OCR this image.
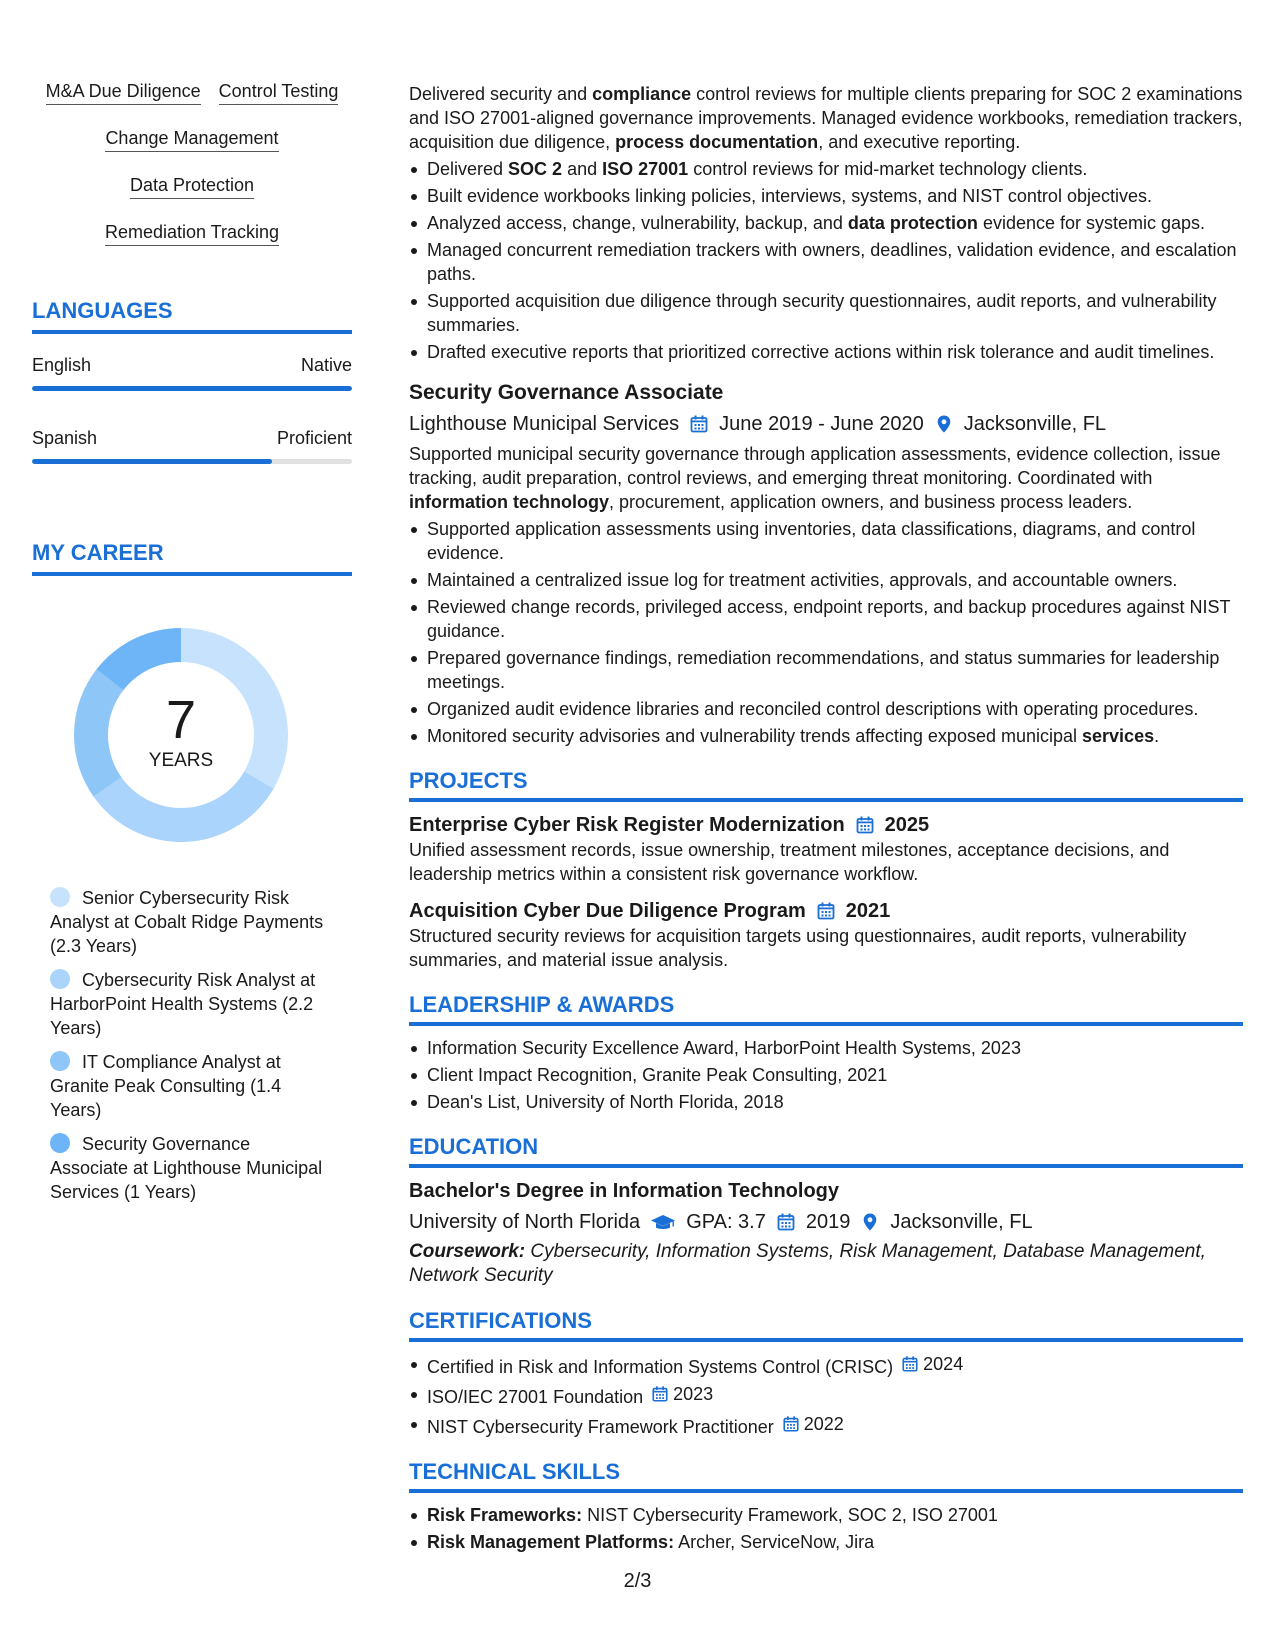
M&A Due Diligence Control Testing
Change Management
Data Protection
Remediation Tracking
LANGUAGES
English	Native
Spanish	Proficient
MY CAREER
7
YEARS
Senior Cybersecurity Risk Analyst at Cobalt Ridge Payments (2.3 Years)
Cybersecurity Risk Analyst at HarborPoint Health Systems (2.2 Years)
IT Compliance Analyst at Granite Peak Consulting (1.4 Years)
Security Governance Associate at Lighthouse Municipal Services (1 Years)

Delivered security and compliance control reviews for multiple clients preparing for SOC 2 examinations and ISO 27001-aligned governance improvements. Managed evidence workbooks, remediation trackers, acquisition due diligence, process documentation, and executive reporting.

Delivered SOC 2 and ISO 27001 control reviews for mid-market technology clients.
Built evidence workbooks linking policies, interviews, systems, and NIST control objectives.
Analyzed access, change, vulnerability, backup, and data protection evidence for systemic gaps.
Managed concurrent remediation trackers with owners, deadlines, validation evidence, and escalation paths.
Supported acquisition due diligence through security questionnaires, audit reports, and vulnerability summaries.
Drafted executive reports that prioritized corrective actions within risk tolerance and audit timelines.
Security Governance Associate
Lighthouse Municipal Services June 2019 - June 2020 Jacksonville, FL

Supported municipal security governance through application assessments, evidence collection, issue tracking, audit preparation, control reviews, and emerging threat monitoring. Coordinated with information technology, procurement, application owners, and business process leaders.

Supported application assessments using inventories, data classifications, diagrams, and control evidence.
Maintained a centralized issue log for treatment activities, approvals, and accountable owners.
Reviewed change records, privileged access, endpoint reports, and backup procedures against NIST guidance.
Prepared governance findings, remediation recommendations, and status summaries for leadership meetings.
Organized audit evidence libraries and reconciled control descriptions with operating procedures.
Monitored security advisories and vulnerability trends affecting exposed municipal services.
PROJECTS
Enterprise Cyber Risk Register Modernization 2025

Unified assessment records, issue ownership, treatment milestones, acceptance decisions, and leadership metrics within a consistent risk governance workflow.

Acquisition Cyber Due Diligence Program 2021

Structured security reviews for acquisition targets using questionnaires, audit reports, vulnerability summaries, and material issue analysis.

LEADERSHIP & AWARDS
Information Security Excellence Award, HarborPoint Health Systems, 2023
Client Impact Recognition, Granite Peak Consulting, 2021
Dean's List, University of North Florida, 2018
EDUCATION
Bachelor's Degree in Information Technology
University of North Florida GPA: 3.7 2019 Jacksonville, FL

Coursework: Cybersecurity, Information Systems, Risk Management, Database Management, Network Security

CERTIFICATIONS
Certified in Risk and Information Systems Control (CRISC) 2024
ISO/IEC 27001 Foundation 2023
NIST Cybersecurity Framework Practitioner 2022
TECHNICAL SKILLS
Risk Frameworks: NIST Cybersecurity Framework, SOC 2, ISO 27001
Risk Management Platforms: Archer, ServiceNow, Jira
2/3
